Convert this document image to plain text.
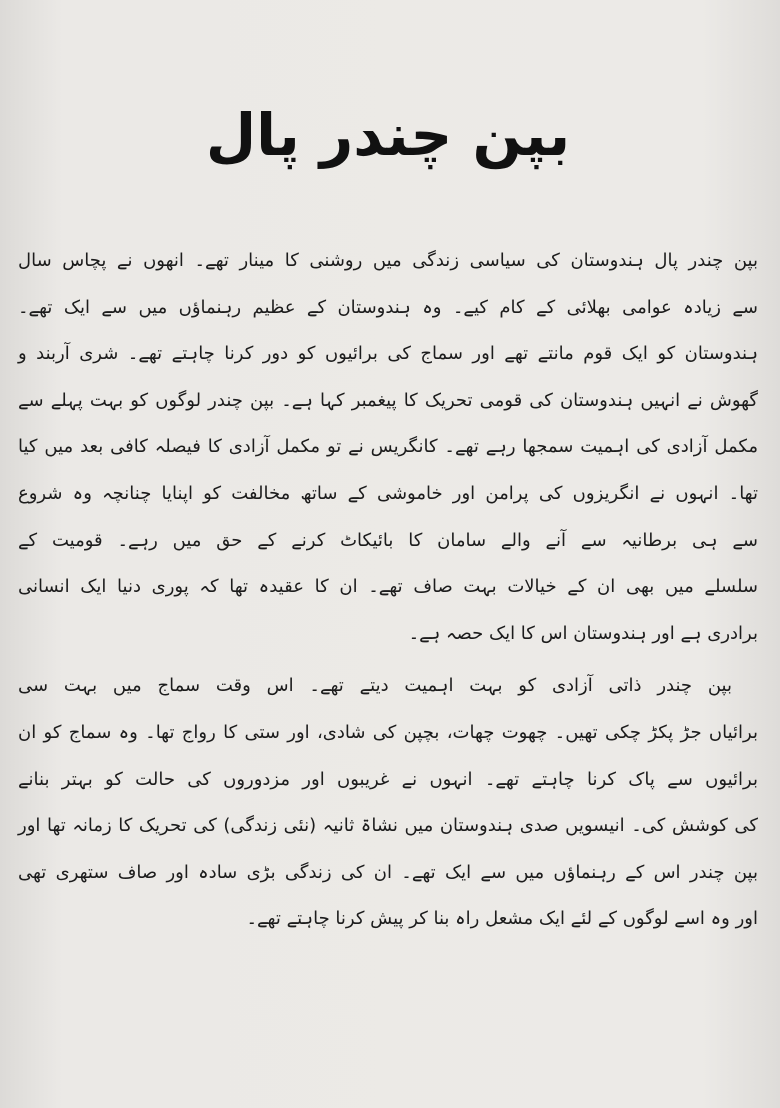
بپن چندر پال
بپن چندر پال ہندوستان کی سیاسی زندگی میں روشنی کا مینار تھے۔ انھوں نے پچاس سال
سے زیادہ عوامی بھلائی کے کام کیے۔ وہ ہندوستان کے عظیم رہنماؤں میں سے ایک تھے۔
ہندوستان کو ایک قوم مانتے تھے اور سماج کی برائیوں کو دور کرنا چاہتے تھے۔ شری آربند و
گھوش نے انہیں ہندوستان کی قومی تحریک کا پیغمبر کہا ہے۔ بپن چندر لوگوں کو بہت پہلے سے
مکمل آزادی کی اہمیت سمجھا رہے تھے۔ کانگریس نے تو مکمل آزادی کا فیصلہ کافی بعد میں کیا
تھا۔ انہوں نے انگریزوں کی پرامن اور خاموشی کے ساتھ مخالفت کو اپنایا چنانچہ وہ شروع
سے ہی برطانیہ سے آنے والے سامان کا بائیکاٹ کرنے کے حق میں رہے۔ قومیت کے
سلسلے میں بھی ان کے خیالات بہت صاف تھے۔ ان کا عقیدہ تھا کہ پوری دنیا ایک انسانی
برادری ہے اور ہندوستان اس کا ایک حصہ ہے۔
بپن چندر ذاتی آزادی کو بہت اہمیت دیتے تھے۔ اس وقت سماج میں بہت سی
برائیاں جڑ پکڑ چکی تھیں۔ چھوت چھات، بچپن کی شادی، اور ستی کا رواج تھا۔ وہ سماج کو ان
برائیوں سے پاک کرنا چاہتے تھے۔ انہوں نے غریبوں اور مزدوروں کی حالت کو بہتر بنانے
کی کوشش کی۔ انیسویں صدی ہندوستان میں نشاۃ ثانیہ (نئی زندگی) کی تحریک کا زمانہ تھا اور
بپن چندر اس کے رہنماؤں میں سے ایک تھے۔ ان کی زندگی بڑی سادہ اور صاف ستھری تھی
اور وہ اسے لوگوں کے لئے ایک مشعل راہ بنا کر پیش کرنا چاہتے تھے۔
